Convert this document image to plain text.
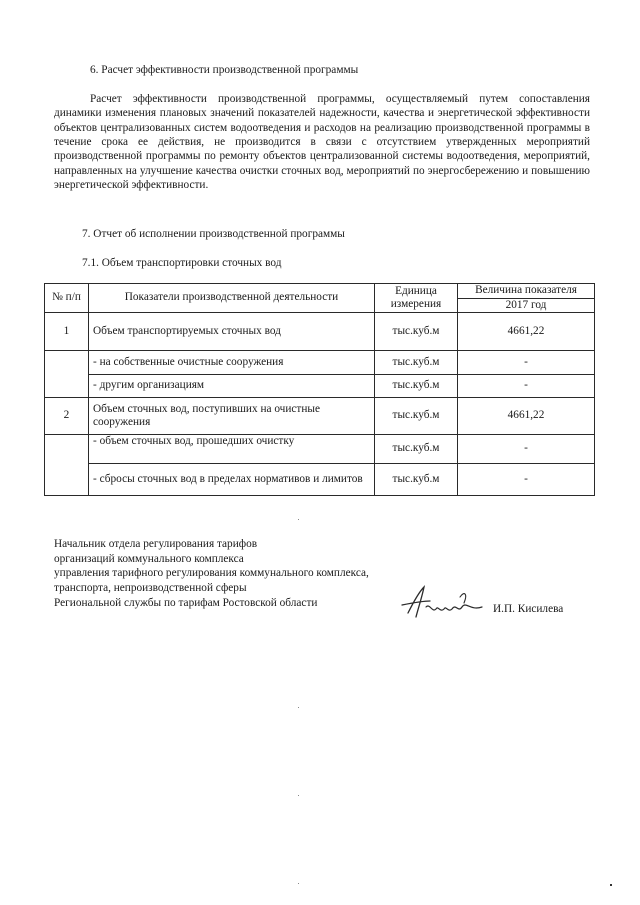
6. Расчет эффективности производственной программы

Расчет эффективности производственной программы, осуществляемый путем сопоставления динамики изменения плановых значений показателей надежности, качества и энергетической эффективности объектов централизованных систем водоотведения и расходов на реализацию производственной программы в течение срока ее действия, не производится в связи с отсутствием утвержденных мероприятий производственной программы по ремонту объектов централизованной системы водоотведения, мероприятий, направленных на улучшение качества очистки сточных вод, мероприятий по энергосбережению и повышению энергетической эффективности.

7. Отчет об исполнении производственной программы

7.1. Объем транспортировки сточных вод

№ п/п	Показатели производственной деятельности	Единица измерения	Величина показателя
			2017 год
1	Объем транспортируемых сточных вод	тыс.куб.м	4661,22
	- на собственные очистные сооружения	тыс.куб.м	-
	- другим организациям	тыс.куб.м	-
2	Объем сточных вод, поступивших на очистные сооружения	тыс.куб.м	4661,22
	- объем сточных вод, прошедших очистку	тыс.куб.м	-
	- сбросы сточных вод в пределах нормативов и лимитов	тыс.куб.м	-
Начальник отдела регулирования тарифов
организаций коммунального комплекса
управления тарифного регулирования коммунального комплекса,
транспорта, непроизводственной сферы
Региональной службы по тарифам Ростовской области
И.П. Кисилева
